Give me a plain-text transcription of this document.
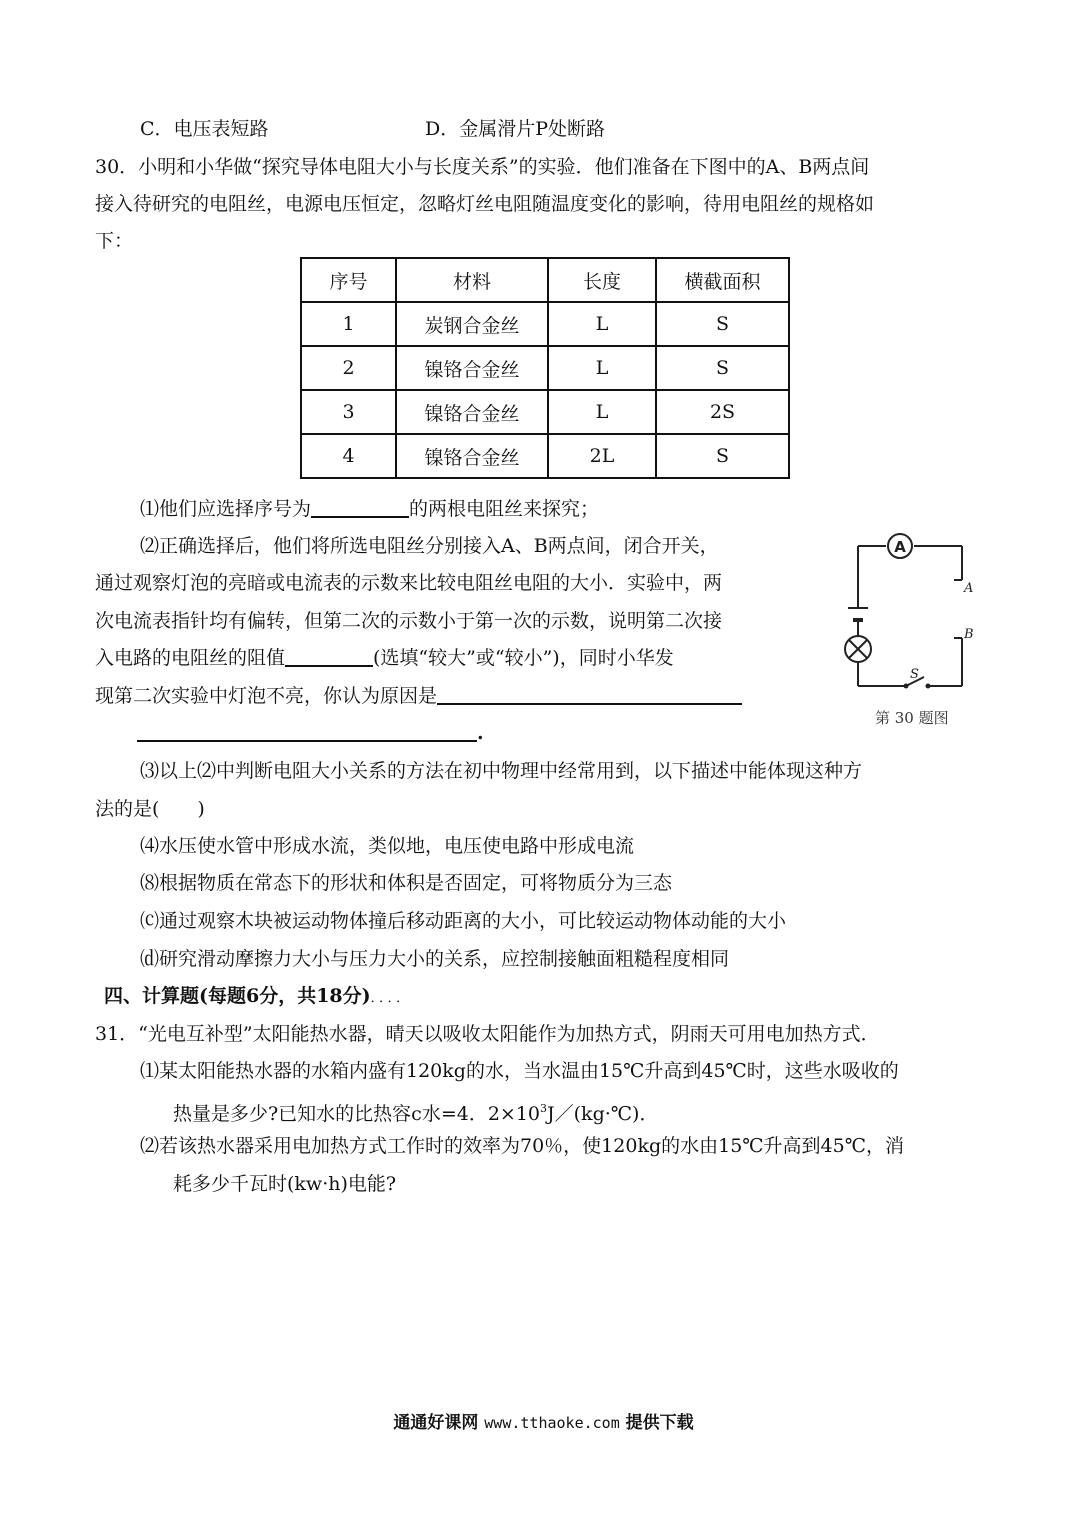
C．电压表短路	D．金属滑片P处断路
30．小明和小华做“探究导体电阻大小与长度关系”的实验．他们准备在下图中的A、B两点间
接入待研究的电阻丝，电源电压恒定，忽略灯丝电阻随温度变化的影响，待用电阻丝的规格如
下：
序号	材料	长度	横截面积
1	炭钢合金丝	L	S
2	镍铬合金丝	L	S
3	镍铬合金丝	L	2S
4	镍铬合金丝	2L	S
⑴他们应选择序号为	的两根电阻丝来探究；
⑵正确选择后，他们将所选电阻丝分别接入A、B两点间，闭合开关，
通过观察灯泡的亮暗或电流表的示数来比较电阻丝电阻的大小．实验中，两
次电流表指针均有偏转，但第二次的示数小于第一次的示数，说明第二次接
入电路的电阻丝的阻值	(选填“较大”或“较小”)，同时小华发
现第二次实验中灯泡不亮，你认为原因是
.
A
S
A
B
第 30 题图
⑶以上⑵中判断电阻大小关系的方法在初中物理中经常用到，以下描述中能体现这种方
法的是(　　)
⑷水压使水管中形成水流，类似地，电压使电路中形成电流
⑻根据物质在常态下的形状和体积是否固定，可将物质分为三态
⒞通过观察木块被运动物体撞后移动距离的大小，可比较运动物体动能的大小
⒟研究滑动摩擦力大小与压力大小的关系，应控制接触面粗糙程度相同
四、计算题(每题6分，共18分)．．．．
31．“光电互补型”太阳能热水器，晴天以吸收太阳能作为加热方式，阴雨天可用电加热方式．
⑴某太阳能热水器的水箱内盛有120kg的水，当水温由15℃升高到45℃时，这些水吸收的
热量是多少?已知水的比热容c水=4．$2\times 10^3J/(kg\cdot℃)$．
⑵若该热水器采用电加热方式工作时的效率为70％，使120kg的水由15℃升高到45℃，消
耗多少千瓦时(kw·h)电能?
通通好课网 www.tthaoke.com 提供下载
